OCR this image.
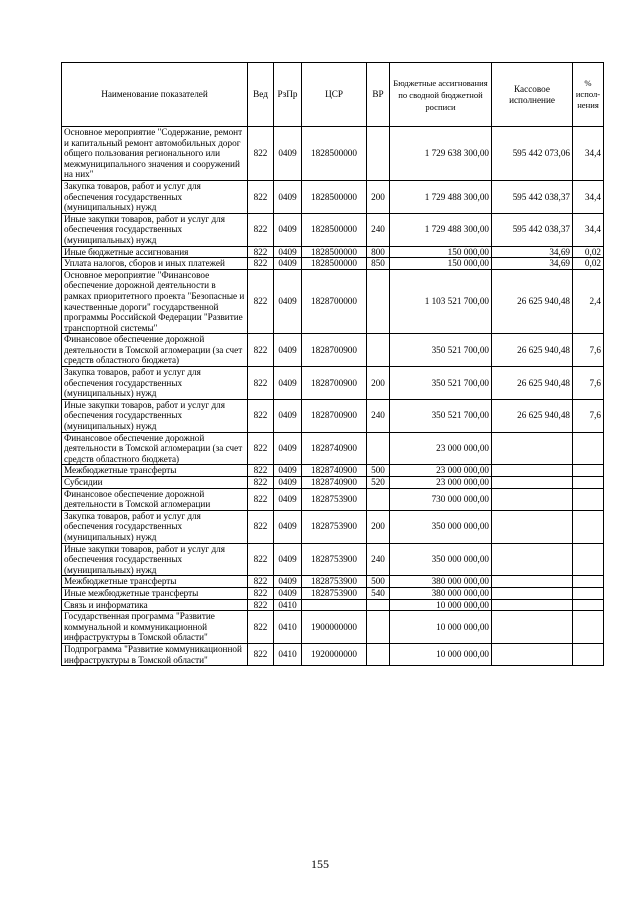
Наименование показателей	Вед	РзПр	ЦСР	ВР	Бюджетные ассигнования по сводной бюджетной росписи	Кассовое исполнение	% испол-нения
Основное мероприятие "Содержание, ремонт и капитальный ремонт автомобильных дорог общего пользования регионального или межмуниципального значения и сооружений на них"	822	0409	1828500000		1 729 638 300,00	595 442 073,06	34,4
Закупка товаров, работ и услуг для обеспечения государственных (муниципальных) нужд	822	0409	1828500000	200	1 729 488 300,00	595 442 038,37	34,4
Иные закупки товаров, работ и услуг для обеспечения государственных (муниципальных) нужд	822	0409	1828500000	240	1 729 488 300,00	595 442 038,37	34,4
Иные бюджетные ассигнования	822	0409	1828500000	800	150 000,00	34,69	0,02
Уплата налогов, сборов и иных платежей	822	0409	1828500000	850	150 000,00	34,69	0,02
Основное мероприятие "Финансовое обеспечение дорожной деятельности в рамках приоритетного проекта "Безопасные и качественные дороги" государственной программы Российской Федерации "Развитие транспортной системы"	822	0409	1828700000		1 103 521 700,00	26 625 940,48	2,4
Финансовое обеспечение дорожной деятельности в Томской агломерации (за счет средств областного бюджета)	822	0409	1828700900		350 521 700,00	26 625 940,48	7,6
Закупка товаров, работ и услуг для обеспечения государственных (муниципальных) нужд	822	0409	1828700900	200	350 521 700,00	26 625 940,48	7,6
Иные закупки товаров, работ и услуг для обеспечения государственных (муниципальных) нужд	822	0409	1828700900	240	350 521 700,00	26 625 940,48	7,6
Финансовое обеспечение дорожной деятельности в Томской агломерации (за счет средств областного бюджета)	822	0409	1828740900		23 000 000,00		
Межбюджетные трансферты	822	0409	1828740900	500	23 000 000,00		
Субсидии	822	0409	1828740900	520	23 000 000,00		
Финансовое обеспечение дорожной деятельности в Томской агломерации	822	0409	1828753900		730 000 000,00		
Закупка товаров, работ и услуг для обеспечения государственных (муниципальных) нужд	822	0409	1828753900	200	350 000 000,00		
Иные закупки товаров, работ и услуг для обеспечения государственных (муниципальных) нужд	822	0409	1828753900	240	350 000 000,00		
Межбюджетные трансферты	822	0409	1828753900	500	380 000 000,00		
Иные межбюджетные трансферты	822	0409	1828753900	540	380 000 000,00		
Связь и информатика	822	0410			10 000 000,00		
Государственная программа "Развитие коммунальной и коммуникационной инфраструктуры в Томской области"	822	0410	1900000000		10 000 000,00		
Подпрограмма "Развитие коммуникационной инфраструктуры в Томской области"	822	0410	1920000000		10 000 000,00		
155
